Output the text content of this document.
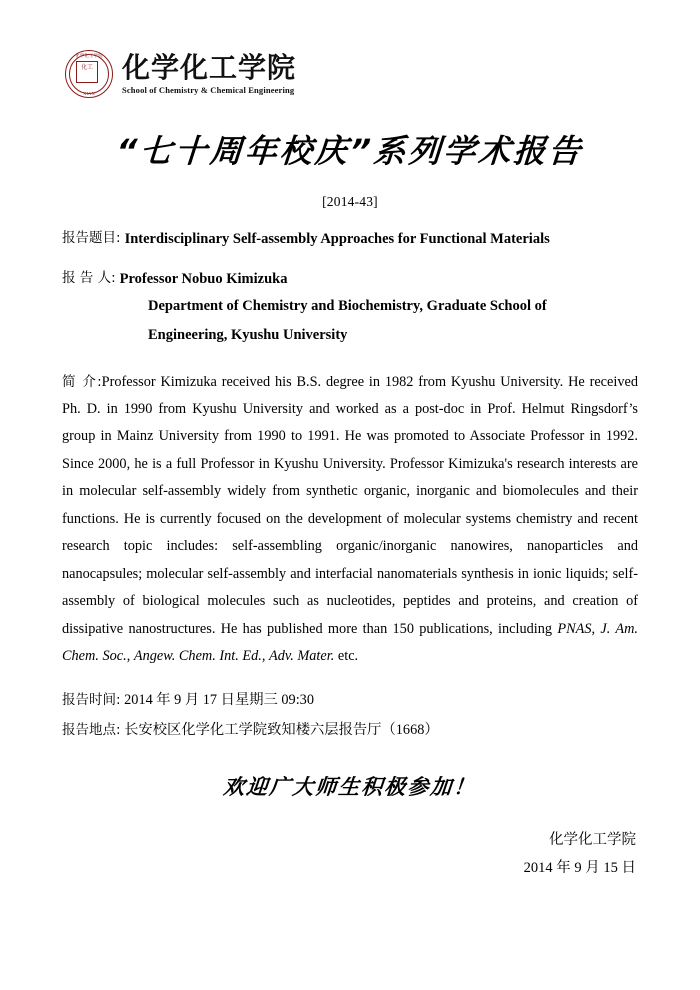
化学化工学院
化工
XIAN
化学化工学院
School of Chemistry & Chemical Engineering
“七十周年校庆”系列学术报告
[2014-43]
报告题目: Interdisciplinary Self-assembly Approaches for Functional Materials
报 告 人: Professor Nobuo Kimizuka
Department of Chemistry and Biochemistry, Graduate School of
Engineering, Kyushu University
简 介:Professor Kimizuka received his B.S. degree in 1982 from Kyushu University. He received Ph. D. in 1990 from Kyushu University and worked as a post-doc in Prof. Helmut Ringsdorf’s group in Mainz University from 1990 to 1991. He was promoted to Associate Professor in 1992. Since 2000, he is a full Professor in Kyushu University. Professor Kimizuka's research interests are in molecular self-assembly widely from synthetic organic, inorganic and biomolecules and their functions. He is currently focused on the development of molecular systems chemistry and recent research topic includes: self-assembling organic/inorganic nanowires, nanoparticles and nanocapsules; molecular self-assembly and interfacial nanomaterials synthesis in ionic liquids; self-assembly of biological molecules such as nucleotides, peptides and proteins, and creation of dissipative nanostructures. He has published more than 150 publications, including PNAS, J. Am. Chem. Soc., Angew. Chem. Int. Ed., Adv. Mater. etc.
报告时间: 2014 年 9 月 17 日星期三 09:30
报告地点: 长安校区化学化工学院致知楼六层报告厅（1668）
欢迎广大师生积极参加！
化学化工学院
2014 年 9 月 15 日
